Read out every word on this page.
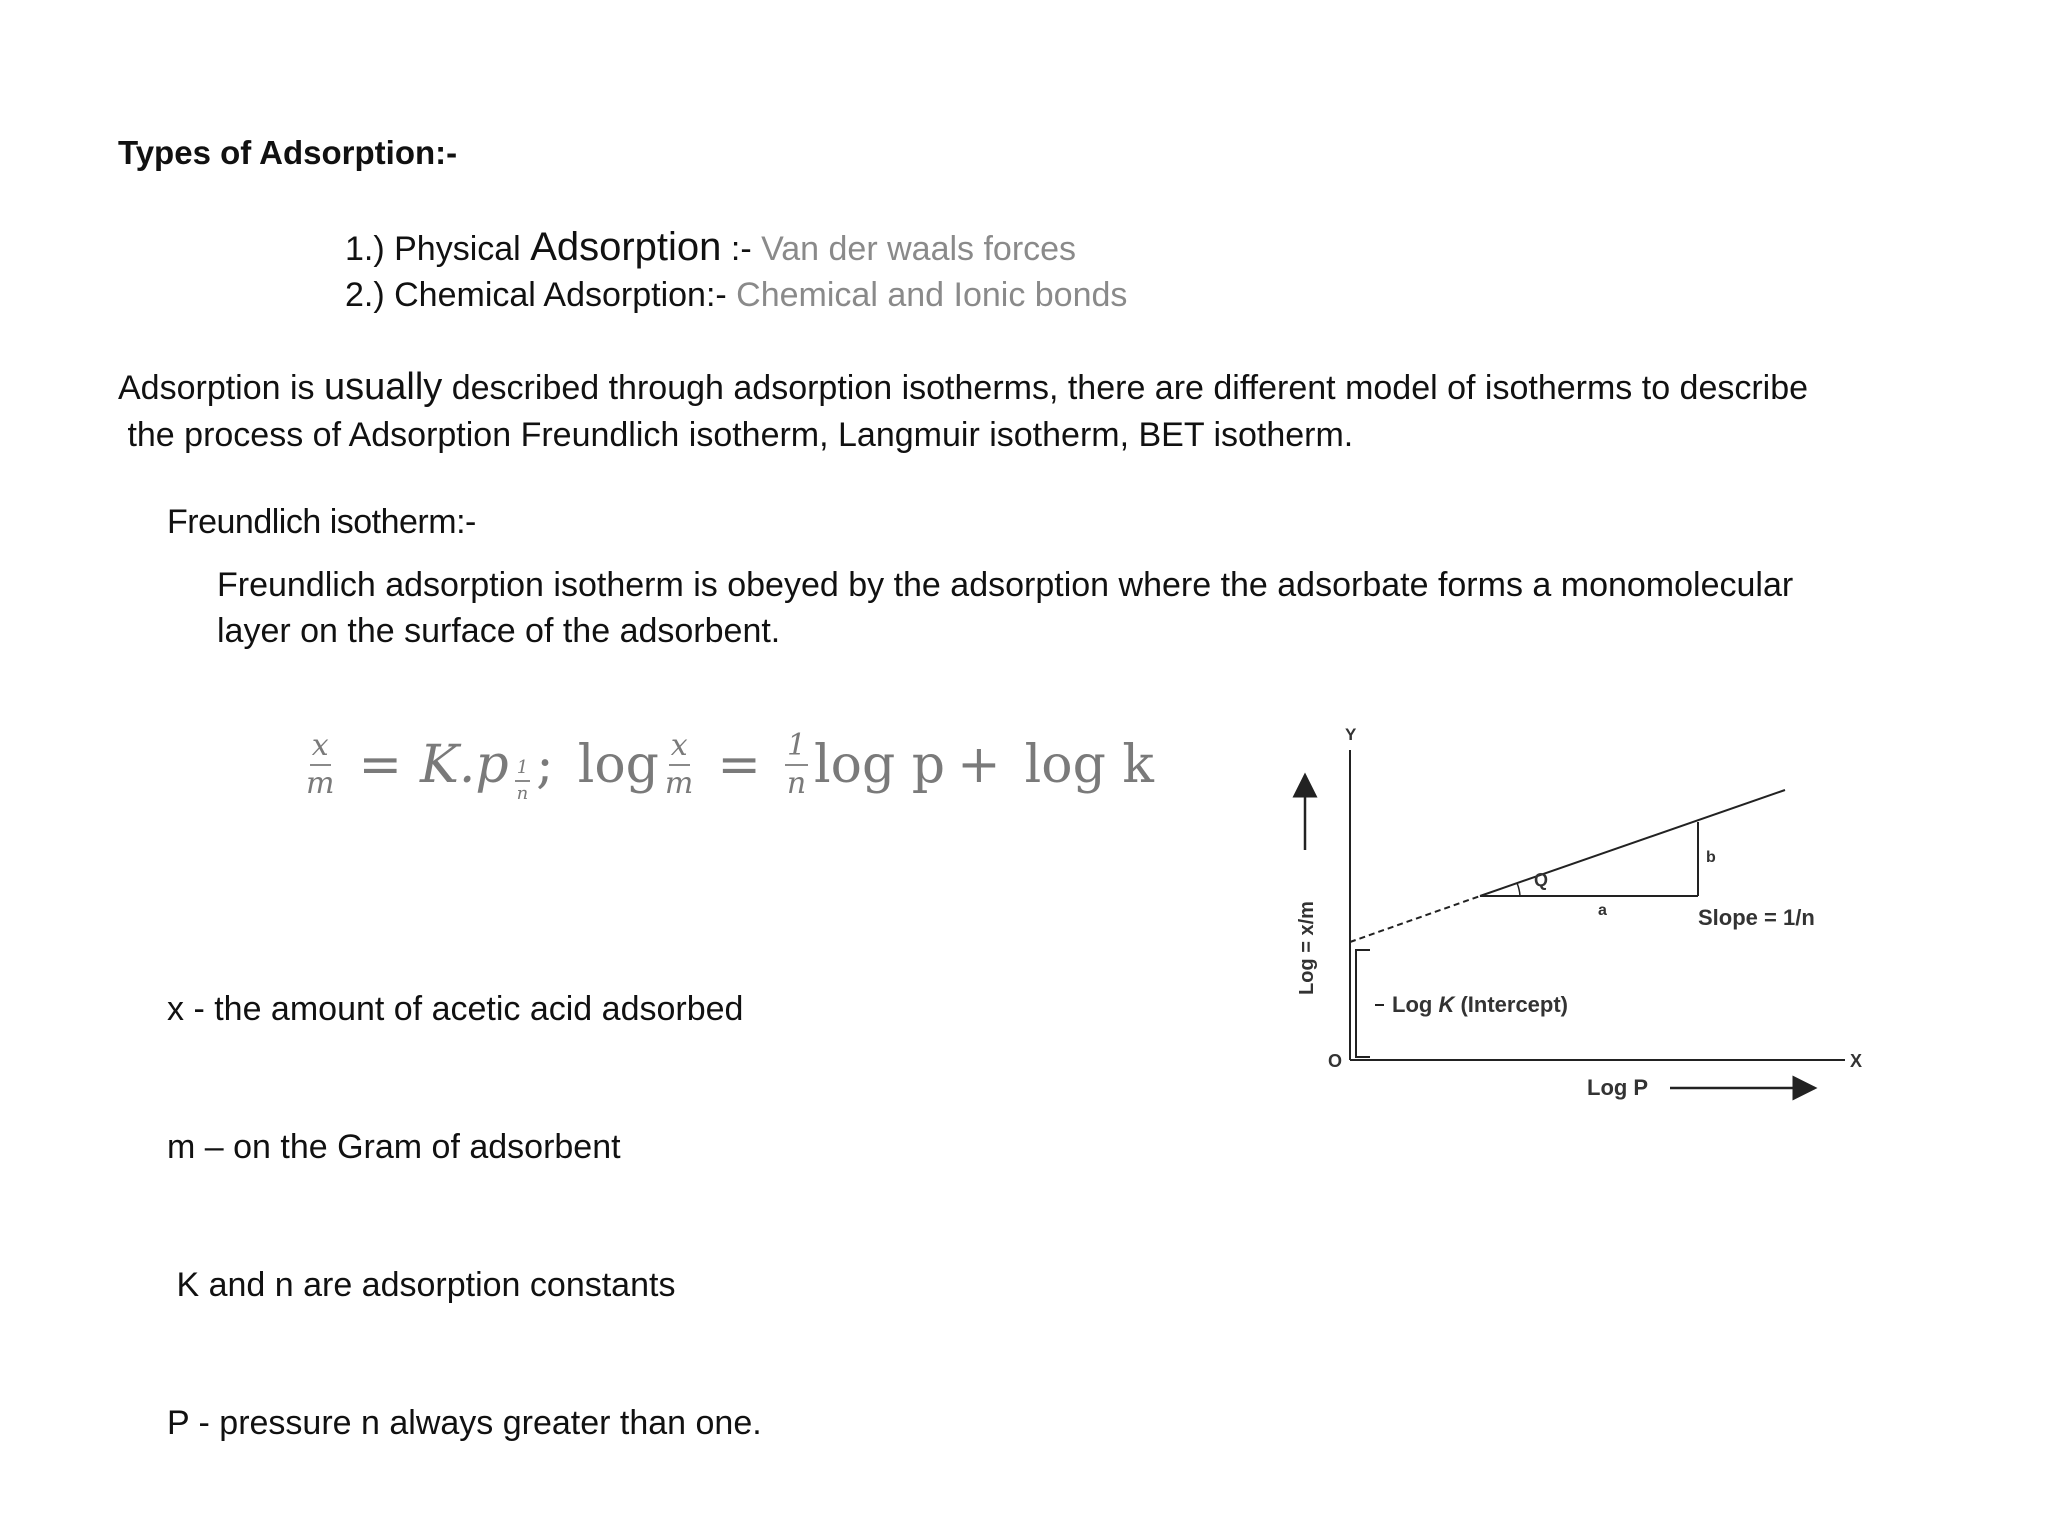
Types of Adsorption:-
1.) Physical Adsorption :- Van der waals forces
2.) Chemical Adsorption:- Chemical and Ionic bonds
Adsorption is usually described through adsorption isotherms, there are different model of isotherms to describe
the process of Adsorption Freundlich isotherm, Langmuir isotherm, BET isotherm.
Freundlich isotherm:-
Freundlich adsorption isotherm is obeyed by the adsorption where the adsorbate forms a monomolecular
layer on the surface of the adsorbent.
$\frac{x}{m} = K.p \frac{1}{n}$ ; $\log \frac{x}{m} = \frac{1}{n}$ log p + log k

x - the amount of acetic acid adsorbed

m – on the Gram of adsorbent

K and n are adsorption constants

P - pressure n always greater than one.

Y
X
O
Log = x/m
Log P
Q
a
b
Slope = 1/n
Log K (Intercept)
